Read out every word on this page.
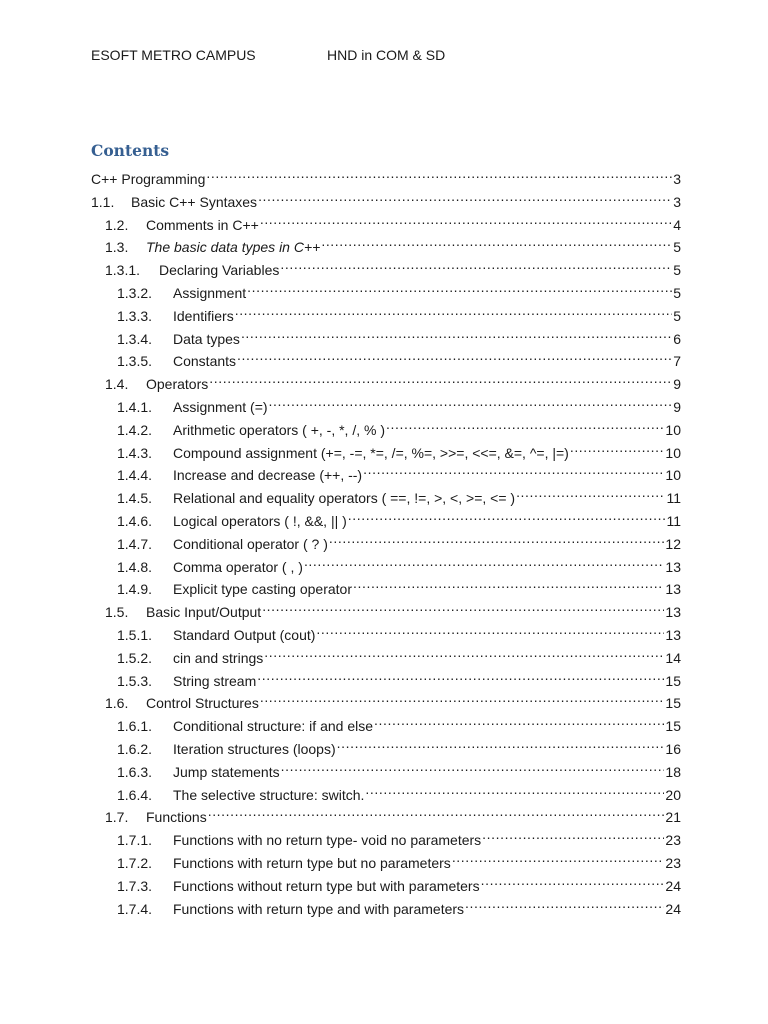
ESOFT METRO CAMPUS	HND in COM & SD
Contents
C++ Programming .....	3
1.1.	Basic C++ Syntaxes .....	3
1.2.	Comments in C++ .....	4
1.3.	The basic data types in C++ .....	5
1.3.1.	Declaring Variables .....	5
1.3.2.	Assignment .....	5
1.3.3.	Identifiers .....	5
1.3.4.	Data types .....	6
1.3.5.	Constants .....	7
1.4.	Operators .....	9
1.4.1.	Assignment (=) .....	9
1.4.2.	Arithmetic operators ( +, -, *, /, % ) .....	10
1.4.3.	Compound assignment (+=, -=, *=, /=, %=, >>=, <<=, &=, ^=, |=) .....	10
1.4.4.	Increase and decrease (++, --) .....	10
1.4.5.	Relational and equality operators ( ==, !=, >, <, >=, <= ) .....	11
1.4.6.	Logical operators ( !, &&, || ) .....	11
1.4.7.	Conditional operator ( ? ) .....	12
1.4.8.	Comma operator ( , ) .....	13
1.4.9.	Explicit type casting operator .....	13
1.5.	Basic Input/Output .....	13
1.5.1.	Standard Output (cout) .....	13
1.5.2.	cin and strings .....	14
1.5.3.	String stream .....	15
1.6.	Control Structures .....	15
1.6.1.	Conditional structure: if and else .....	15
1.6.2.	Iteration structures (loops) .....	16
1.6.3.	Jump statements .....	18
1.6.4.	The selective structure: switch. .....	20
1.7.	Functions .....	21
1.7.1.	Functions with no return type- void no parameters .....	23
1.7.2.	Functions with return type but no parameters .....	23
1.7.3.	Functions without return type but with parameters .....	24
1.7.4.	Functions with return type and with parameters .....	24
